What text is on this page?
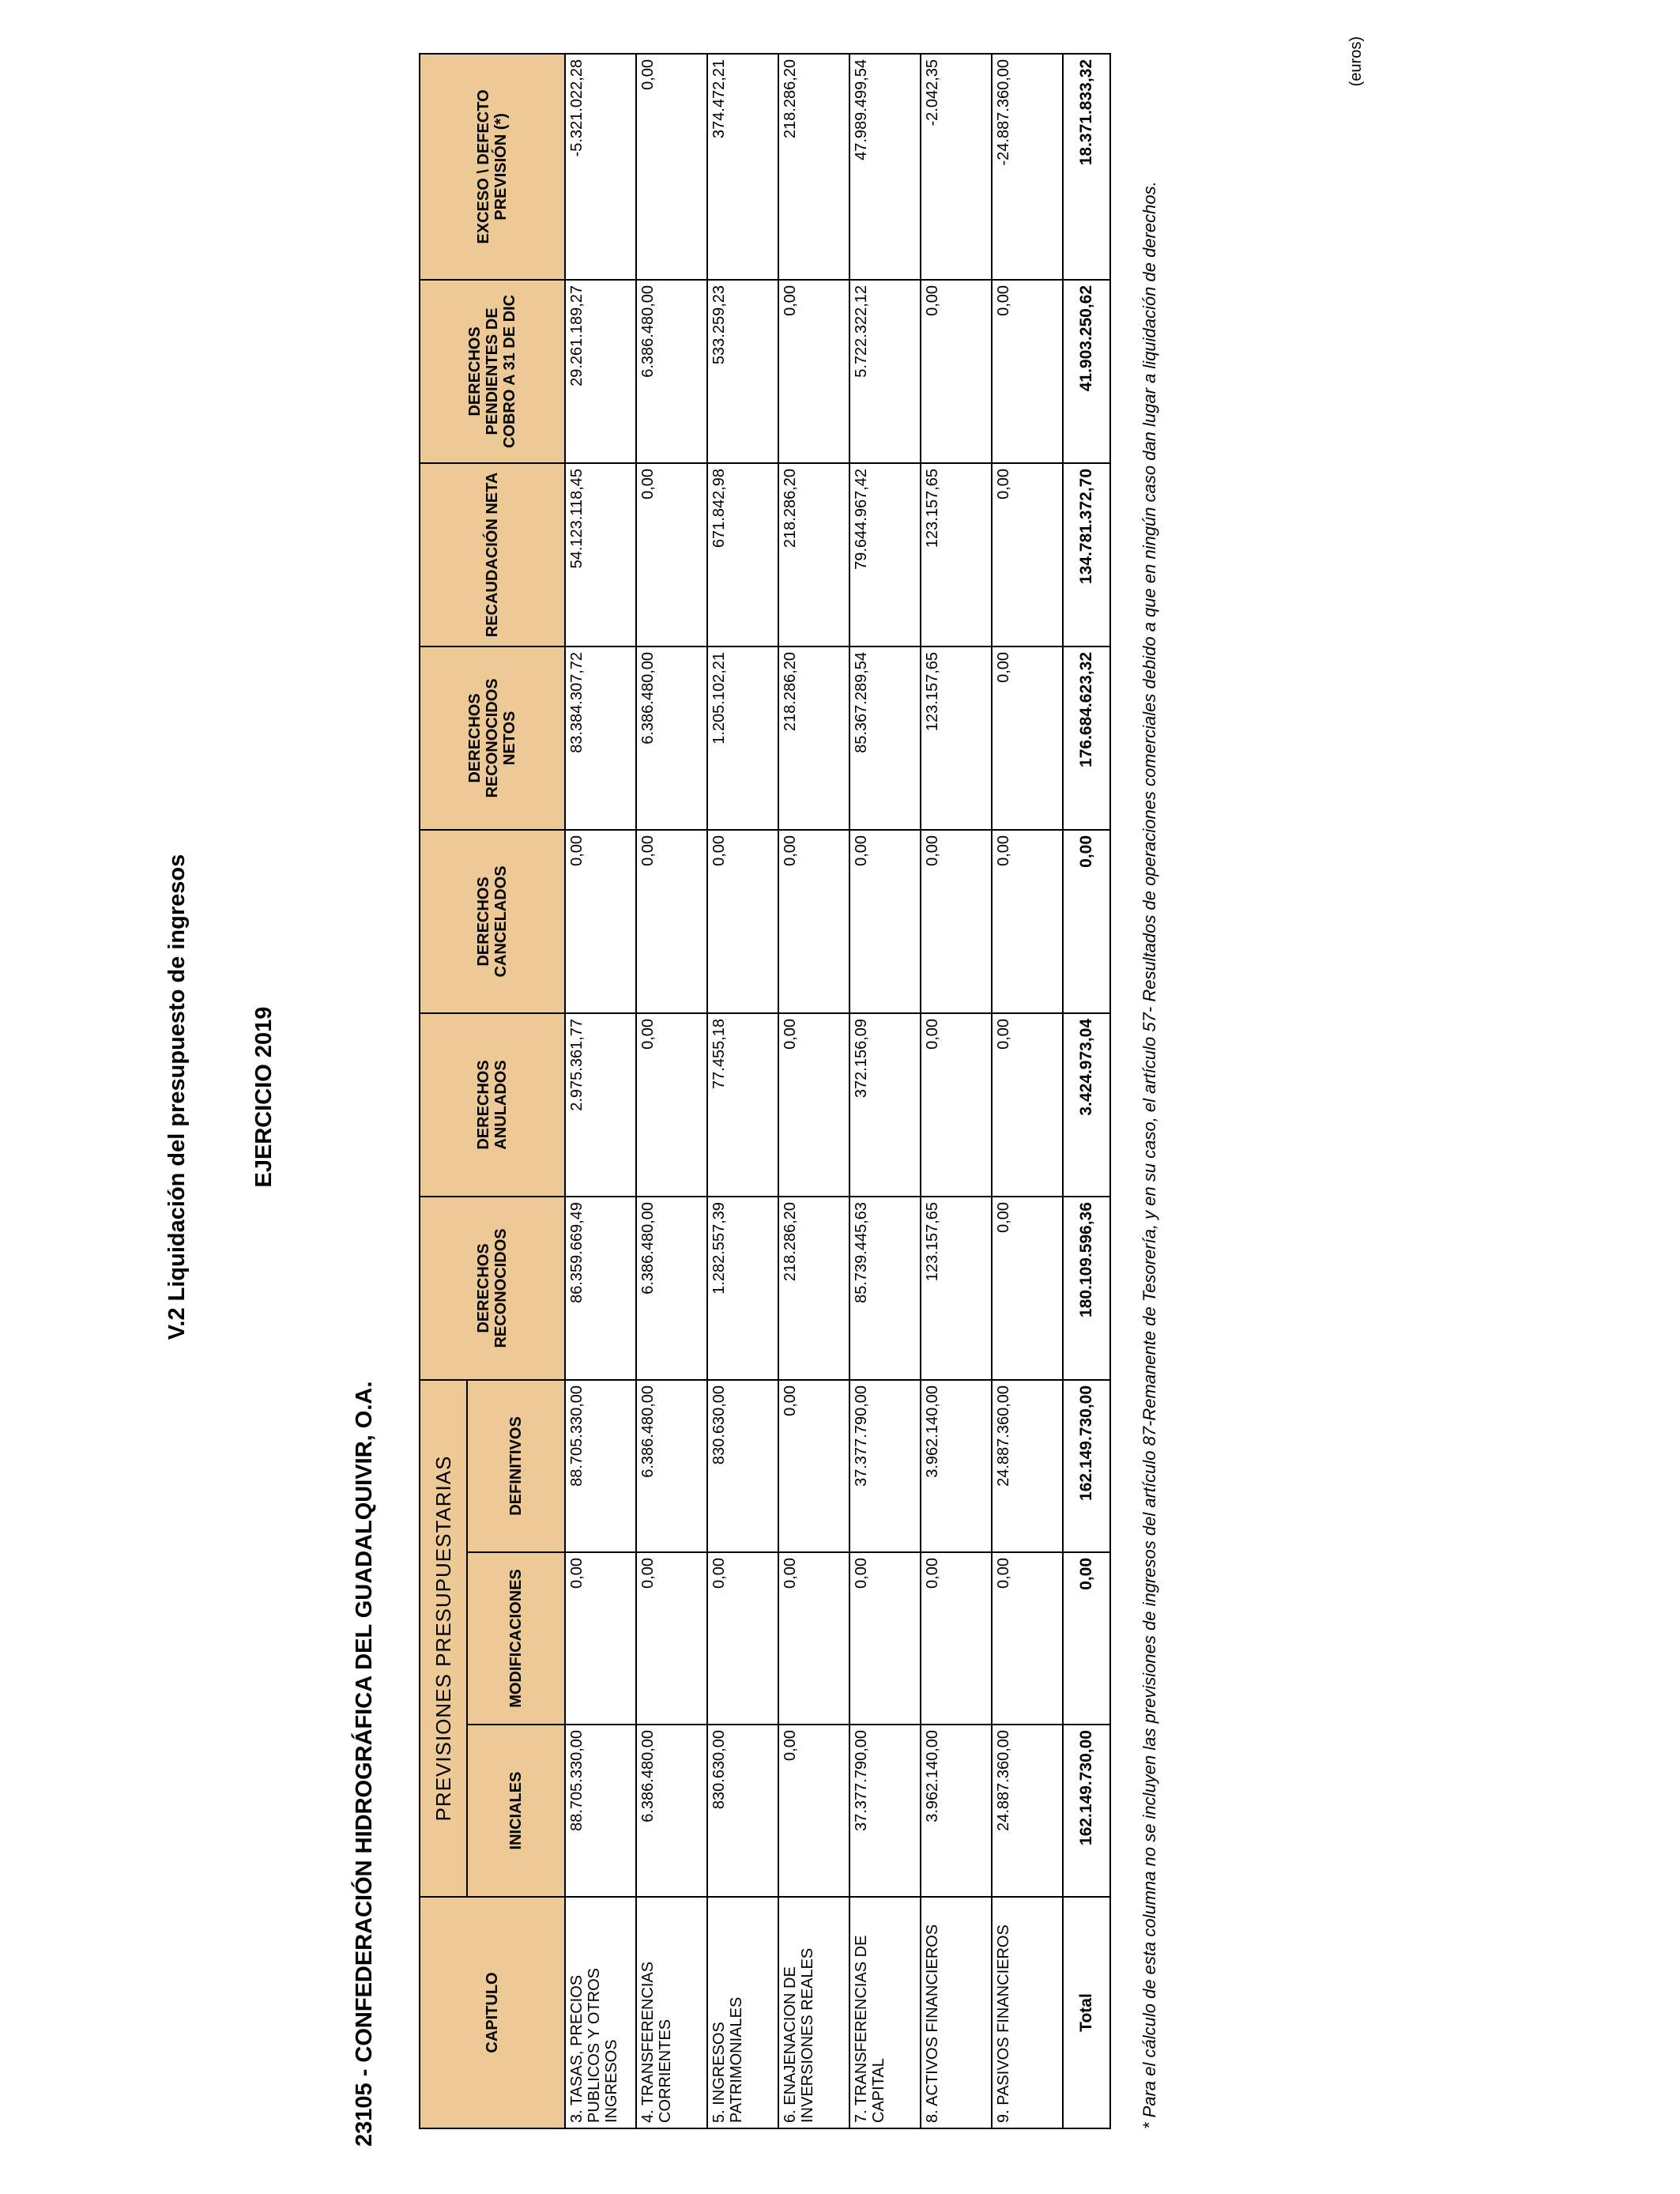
V.2 Liquidación del presupuesto de ingresos	EJERCICIO 2019
23105 - CONFEDERACIÓN HIDROGRÁFICA DEL GUADALQUIVIR, O.A.
(euros)
CAPITULO	PREVISIONES PRESUPUESTARIAS			DERECHOS RECONOCIDOS	DERECHOS ANULADOS	DERECHOS CANCELADOS	DERECHOS RECONOCIDOS NETOS	RECAUDACIÓN NETA	DERECHOS PENDIENTES DE COBRO A 31 DE DIC	EXCESO \ DEFECTO PREVISIÓN (*)
	INICIALES	MODIFICACIONES	DEFINITIVOS							
3. TASAS, PRECIOS PUBLICOS Y OTROS INGRESOS	88.705.330,00	0,00	88.705.330,00	86.359.669,49	2.975.361,77	0,00	83.384.307,72	54.123.118,45	29.261.189,27	-5.321.022,28
4. TRANSFERENCIAS CORRIENTES	6.386.480,00	0,00	6.386.480,00	6.386.480,00	0,00	0,00	6.386.480,00	0,00	6.386.480,00	0,00
5. INGRESOS PATRIMONIALES	830.630,00	0,00	830.630,00	1.282.557,39	77.455,18	0,00	1.205.102,21	671.842,98	533.259,23	374.472,21
6. ENAJENACION DE INVERSIONES REALES	0,00	0,00	0,00	218.286,20	0,00	0,00	218.286,20	218.286,20	0,00	218.286,20
7. TRANSFERENCIAS DE CAPITAL	37.377.790,00	0,00	37.377.790,00	85.739.445,63	372.156,09	0,00	85.367.289,54	79.644.967,42	5.722.322,12	47.989.499,54
8. ACTIVOS FINANCIEROS	3.962.140,00	0,00	3.962.140,00	123.157,65	0,00	0,00	123.157,65	123.157,65	0,00	-2.042,35
9. PASIVOS FINANCIEROS	24.887.360,00	0,00	24.887.360,00	0,00	0,00	0,00	0,00	0,00	0,00	-24.887.360,00
Total	162.149.730,00	0,00	162.149.730,00	180.109.596,36	3.424.973,04	0,00	176.684.623,32	134.781.372,70	41.903.250,62	18.371.833,32
* Para el cálculo de esta columna no se incluyen las previsiones de ingresos del artículo 87-Remanente de Tesorería, y en su caso, el artículo 57- Resultados de operaciones comerciales debido a que en ningún caso dan lugar a liquidación de derechos.
